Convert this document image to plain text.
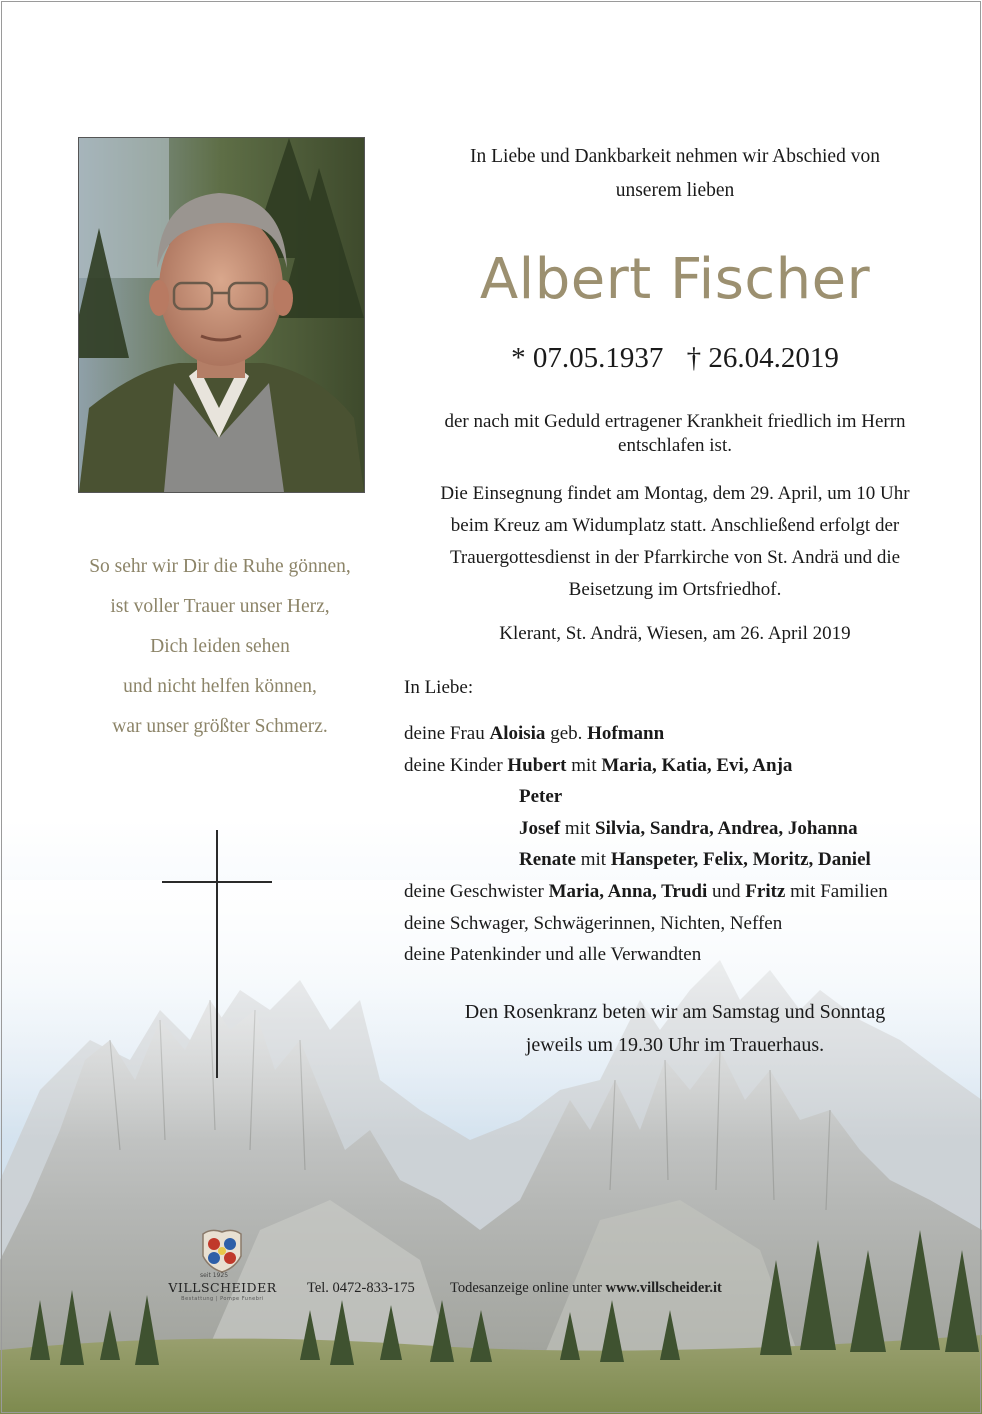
So sehr wir Dir die Ruhe gönnen,
ist voller Trauer unser Herz,
Dich leiden sehen
und nicht helfen können,
war unser größter Schmerz.
In Liebe und Dankbarkeit nehmen wir Abschied von
unserem lieben
Albert Fischer
* 07.05.1937 † 26.04.2019
der nach mit Geduld ertragener Krankheit friedlich im Herrn
entschlafen ist.
Die Einsegnung findet am Montag, dem 29. April, um 10 Uhr
beim Kreuz am Widumplatz statt. Anschließend erfolgt der
Trauergottesdienst in der Pfarrkirche von St. Andrä und die
Beisetzung im Ortsfriedhof.
Klerant, St. Andrä, Wiesen, am 26. April 2019
In Liebe:
deine Frau Aloisia geb. Hofmann
deine Kinder Hubert mit Maria, Katia, Evi, Anja
Peter
Josef mit Silvia, Sandra, Andrea, Johanna
Renate mit Hanspeter, Felix, Moritz, Daniel
deine Geschwister Maria, Anna, Trudi und Fritz mit Familien
deine Schwager, Schwägerinnen, Nichten, Neffen
deine Patenkinder und alle Verwandten
Den Rosenkranz beten wir am Samstag und Sonntag
jeweils um 19.30 Uhr im Trauerhaus.
seit 1925
VILLSCHEIDER
Bestattung | Pompe Funebri
Tel. 0472-833-175 Todesanzeige online unter www.villscheider.it
